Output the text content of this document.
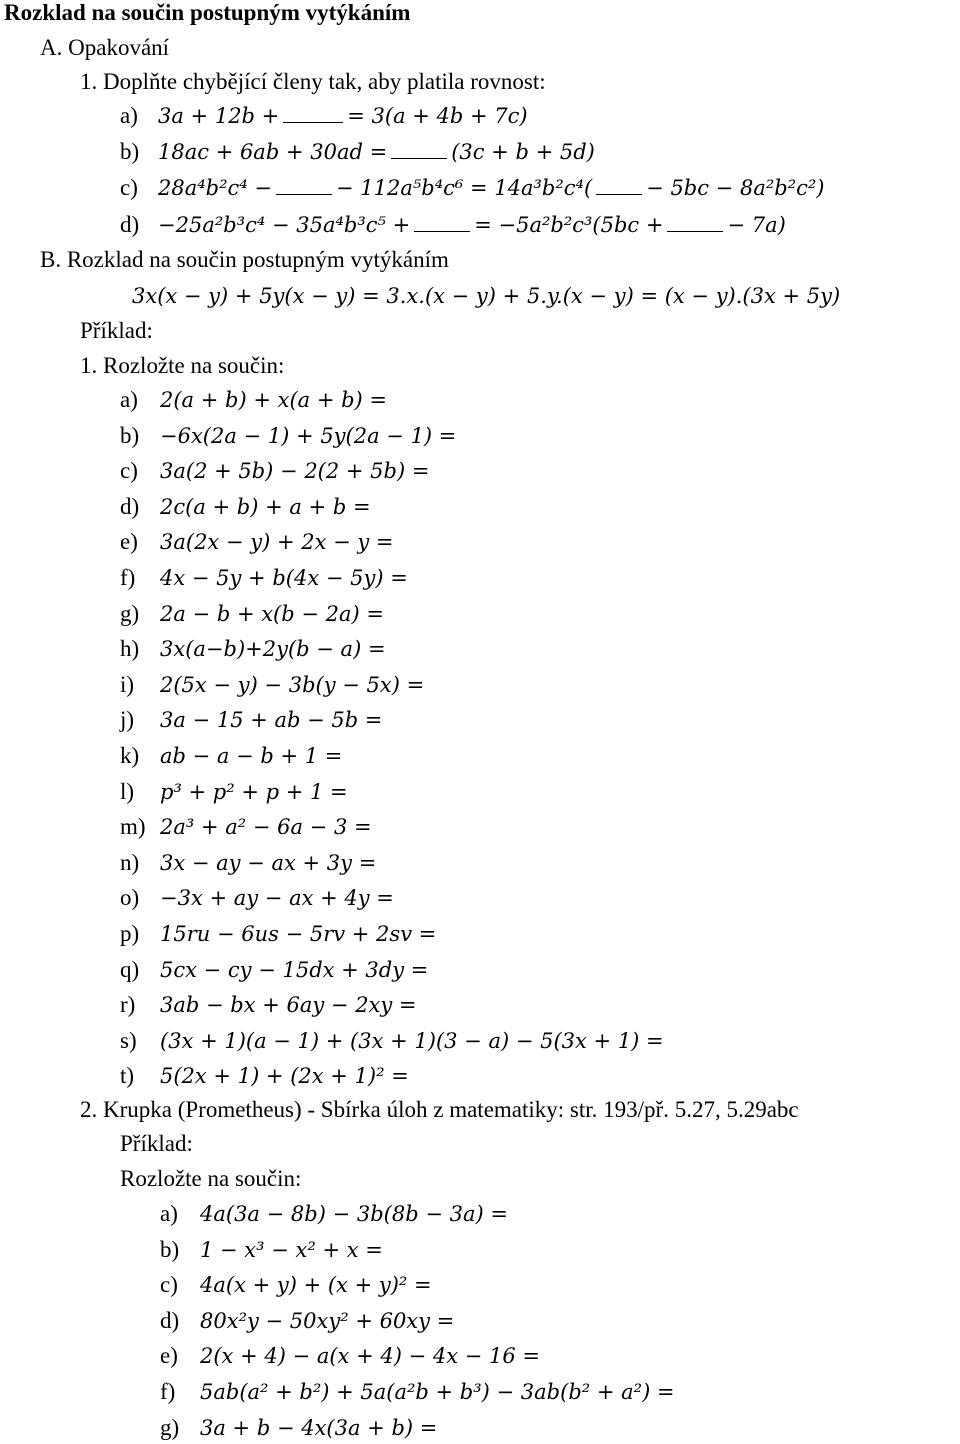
Rozklad na součin postupným vytýkáním
A. Opakování
1. Doplňte chybějící členy tak, aby platila rovnost:
a) 3a + 12b +	= 3(a + 4b + 7c)
b) 18ac + 6ab + 30ad =	(3c + b + 5d)
c) 28a⁴b²c⁴ −	− 112a⁵b⁴c⁶ = 14a³b²c⁴(	− 5bc − 8a²b²c²)
d) −25a²b³c⁴ − 35a⁴b³c⁵ +	= −5a²b²c³(5bc +	− 7a)
B. Rozklad na součin postupným vytýkáním
3x(x − y) + 5y(x − y) = 3.x.(x − y) + 5.y.(x − y) = (x − y).(3x + 5y)
Příklad:
1. Rozložte na součin:
a) 2(a + b) + x(a + b) =
b) −6x(2a − 1) + 5y(2a − 1) =
c) 3a(2 + 5b) − 2(2 + 5b) =
d) 2c(a + b) + a + b =
e) 3a(2x − y) + 2x − y =
f) 4x − 5y + b(4x − 5y) =
g) 2a − b + x(b − 2a) =
h) 3x(a−b)+2y(b − a) =
i) 2(5x − y) − 3b(y − 5x) =
j) 3a − 15 + ab − 5b =
k) ab − a − b + 1 =
l) p³ + p² + p + 1 =
m) 2a³ + a² − 6a − 3 =
n) 3x − ay − ax + 3y =
o) −3x + ay − ax + 4y =
p) 15ru − 6us − 5rv + 2sv =
q) 5cx − cy − 15dx + 3dy =
r) 3ab − bx + 6ay − 2xy =
s) (3x + 1)(a − 1) + (3x + 1)(3 − a) − 5(3x + 1) =
t) 5(2x + 1) + (2x + 1)² =
2. Krupka (Prometheus) - Sbírka úloh z matematiky: str. 193/př. 5.27, 5.29abc
Příklad:
Rozložte na součin:
a) 4a(3a − 8b) − 3b(8b − 3a) =
b) 1 − x³ − x² + x =
c) 4a(x + y) + (x + y)² =
d) 80x²y − 50xy² + 60xy =
e) 2(x + 4) − a(x + 4) − 4x − 16 =
f) 5ab(a² + b²) + 5a(a²b + b³) − 3ab(b² + a²) =
g) 3a + b − 4x(3a + b) =
